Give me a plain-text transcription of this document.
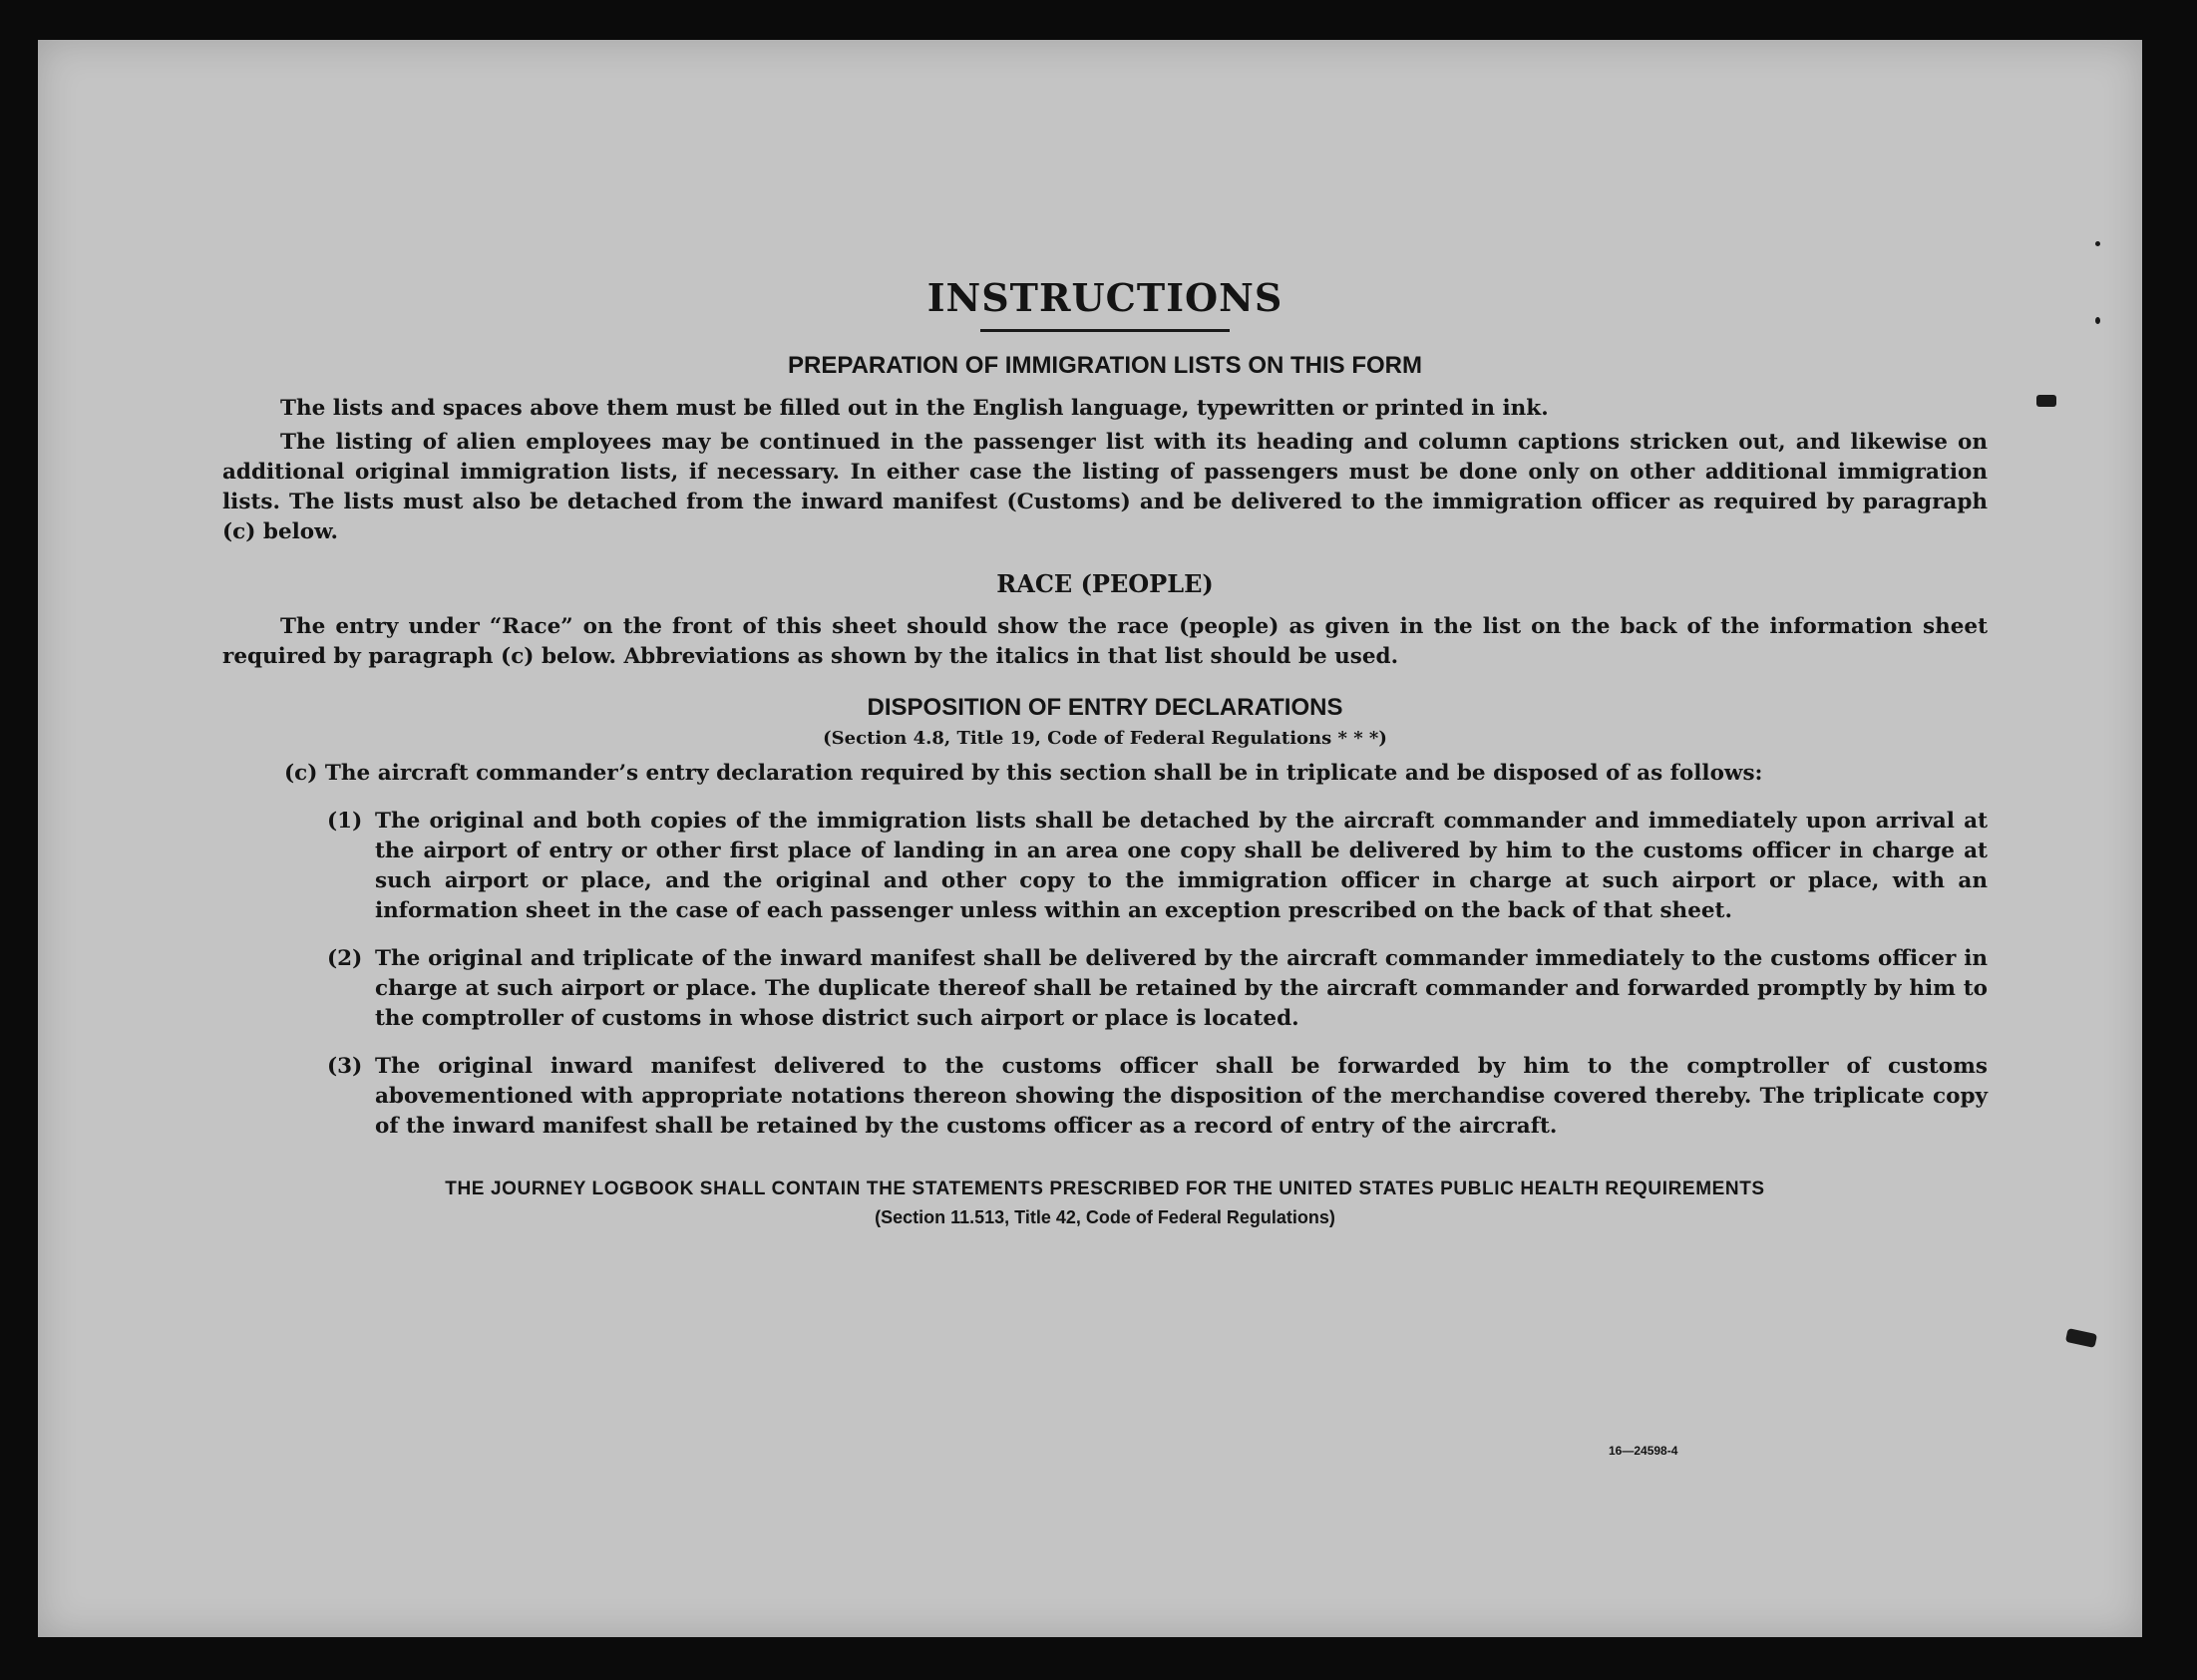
INSTRUCTIONS
PREPARATION OF IMMIGRATION LISTS ON THIS FORM

The lists and spaces above them must be filled out in the English language, typewritten or printed in ink.

The listing of alien employees may be continued in the passenger list with its heading and column captions stricken out, and likewise on additional original immigration lists, if necessary. In either case the listing of passengers must be done only on other additional immigration lists. The lists must also be detached from the inward manifest (Customs) and be delivered to the immigration officer as required by paragraph (c) below.

RACE (PEOPLE)

The entry under “Race” on the front of this sheet should show the race (people) as given in the list on the back of the information sheet required by paragraph (c) below. Abbreviations as shown by the italics in that list should be used.

DISPOSITION OF ENTRY DECLARATIONS
(Section 4.8, Title 19, Code of Federal Regulations * * *)

(c) The aircraft commander’s entry declaration required by this section shall be in triplicate and be disposed of as follows:

(1) The original and both copies of the immigration lists shall be detached by the aircraft commander and immediately upon arrival at the airport of entry or other first place of landing in an area one copy shall be delivered by him to the customs officer in charge at such airport or place, and the original and other copy to the immigration officer in charge at such airport or place, with an information sheet in the case of each passenger unless within an exception prescribed on the back of that sheet.
(2) The original and triplicate of the inward manifest shall be delivered by the aircraft commander immediately to the customs officer in charge at such airport or place. The duplicate thereof shall be retained by the aircraft commander and forwarded promptly by him to the comptroller of customs in whose district such airport or place is located.
(3) The original inward manifest delivered to the customs officer shall be forwarded by him to the comptroller of customs abovementioned with appropriate notations thereon showing the disposition of the merchandise covered thereby. The triplicate copy of the inward manifest shall be retained by the customs officer as a record of entry of the aircraft.
THE JOURNEY LOGBOOK SHALL CONTAIN THE STATEMENTS PRESCRIBED FOR THE UNITED STATES PUBLIC HEALTH REQUIREMENTS
(Section 11.513, Title 42, Code of Federal Regulations)
16—24598-4
